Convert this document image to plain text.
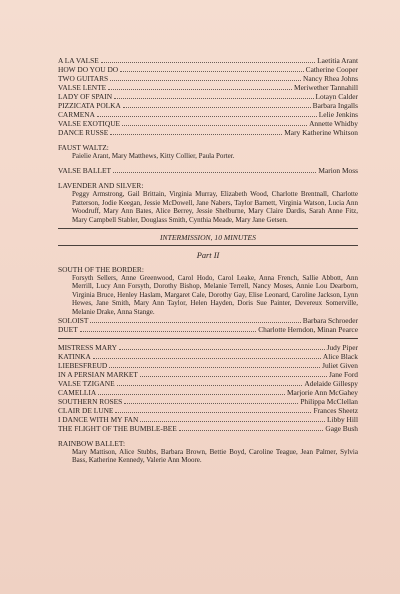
A LA VALSE	Laetitia Arant
HOW DO YOU DO	Catherine Cooper
TWO GUITARS	Nancy Rhea Johns
VALSE LENTE	Meriwether Tannahill
LADY OF SPAIN	Lotayn Calder
PIZZICATA POLKA	Barbara Ingalls
CARMENA	Lelie Jenkins
VALSE EXOTIQUE	Annette Whidby
DANCE RUSSE	Mary Katherine Whitson
FAUST WALTZ:
Paielie Arant, Mary Matthews, Kitty Collier, Paula Porter.
VALSE BALLET	Marion Moss
LAVENDER AND SILVER:
Peggy Armstrong, Gail Brittain, Virginia Murray, Elizabeth Wood, Charlotte Brentnall, Charlotte Patterson, Jodie Keegan, Jessie McDowell, Jane Nabers, Taylor Barnett, Virginia Watson, Lucia Ann Woodruff, Mary Ann Bates, Alice Berrey, Jessie Shelburne, Mary Claire Dardis, Sarah Anne Fitz, Mary Campbell Stabler, Douglass Smith, Cynthia Meade, Mary Jane Getsen.
INTERMISSION, 10 MINUTES
Part II
SOUTH OF THE BORDER:
Forsyth Sellers, Anne Greenwood, Carol Hodo, Carol Leake, Anna French, Sallie Abbott, Ann Merrill, Lucy Ann Forsyth, Dorothy Bishop, Melanie Terrell, Nancy Moses, Annie Lou Dearborn, Virginia Bruce, Henley Haslam, Margaret Cale, Dorothy Gay, Elise Leonard, Caroline Jackson, Lynn Hewes, Jane Smith, Mary Ann Taylor, Helen Hayden, Doris Sue Painter, Devereux Somerville, Melanie Drake, Anna Stange.
SOLOIST	Barbara Schroeder
DUET	Charlotte Herndon, Minan Pearce
MISTRESS MARY	Judy Piper
KATINKA	Alice Black
LIEBESFREUD	Juliet Given
IN A PERSIAN MARKET	Jane Ford
VALSE TZIGANE	Adelaide Gillespy
CAMELLIA	Marjorie Ann McGahey
SOUTHERN ROSES	Philippa McClellan
CLAIR DE LUNE	Frances Sheetz
I DANCE WITH MY FAN	Libby Hill
THE FLIGHT OF THE BUMBLE-BEE	Gage Bush
RAINBOW BALLET:
Mary Mattison, Alice Stubbs, Barbara Brown, Bettie Boyd, Caroline Teague, Jean Palmer, Sylvia Bass, Katherine Kennedy, Valerie Ann Moore.
